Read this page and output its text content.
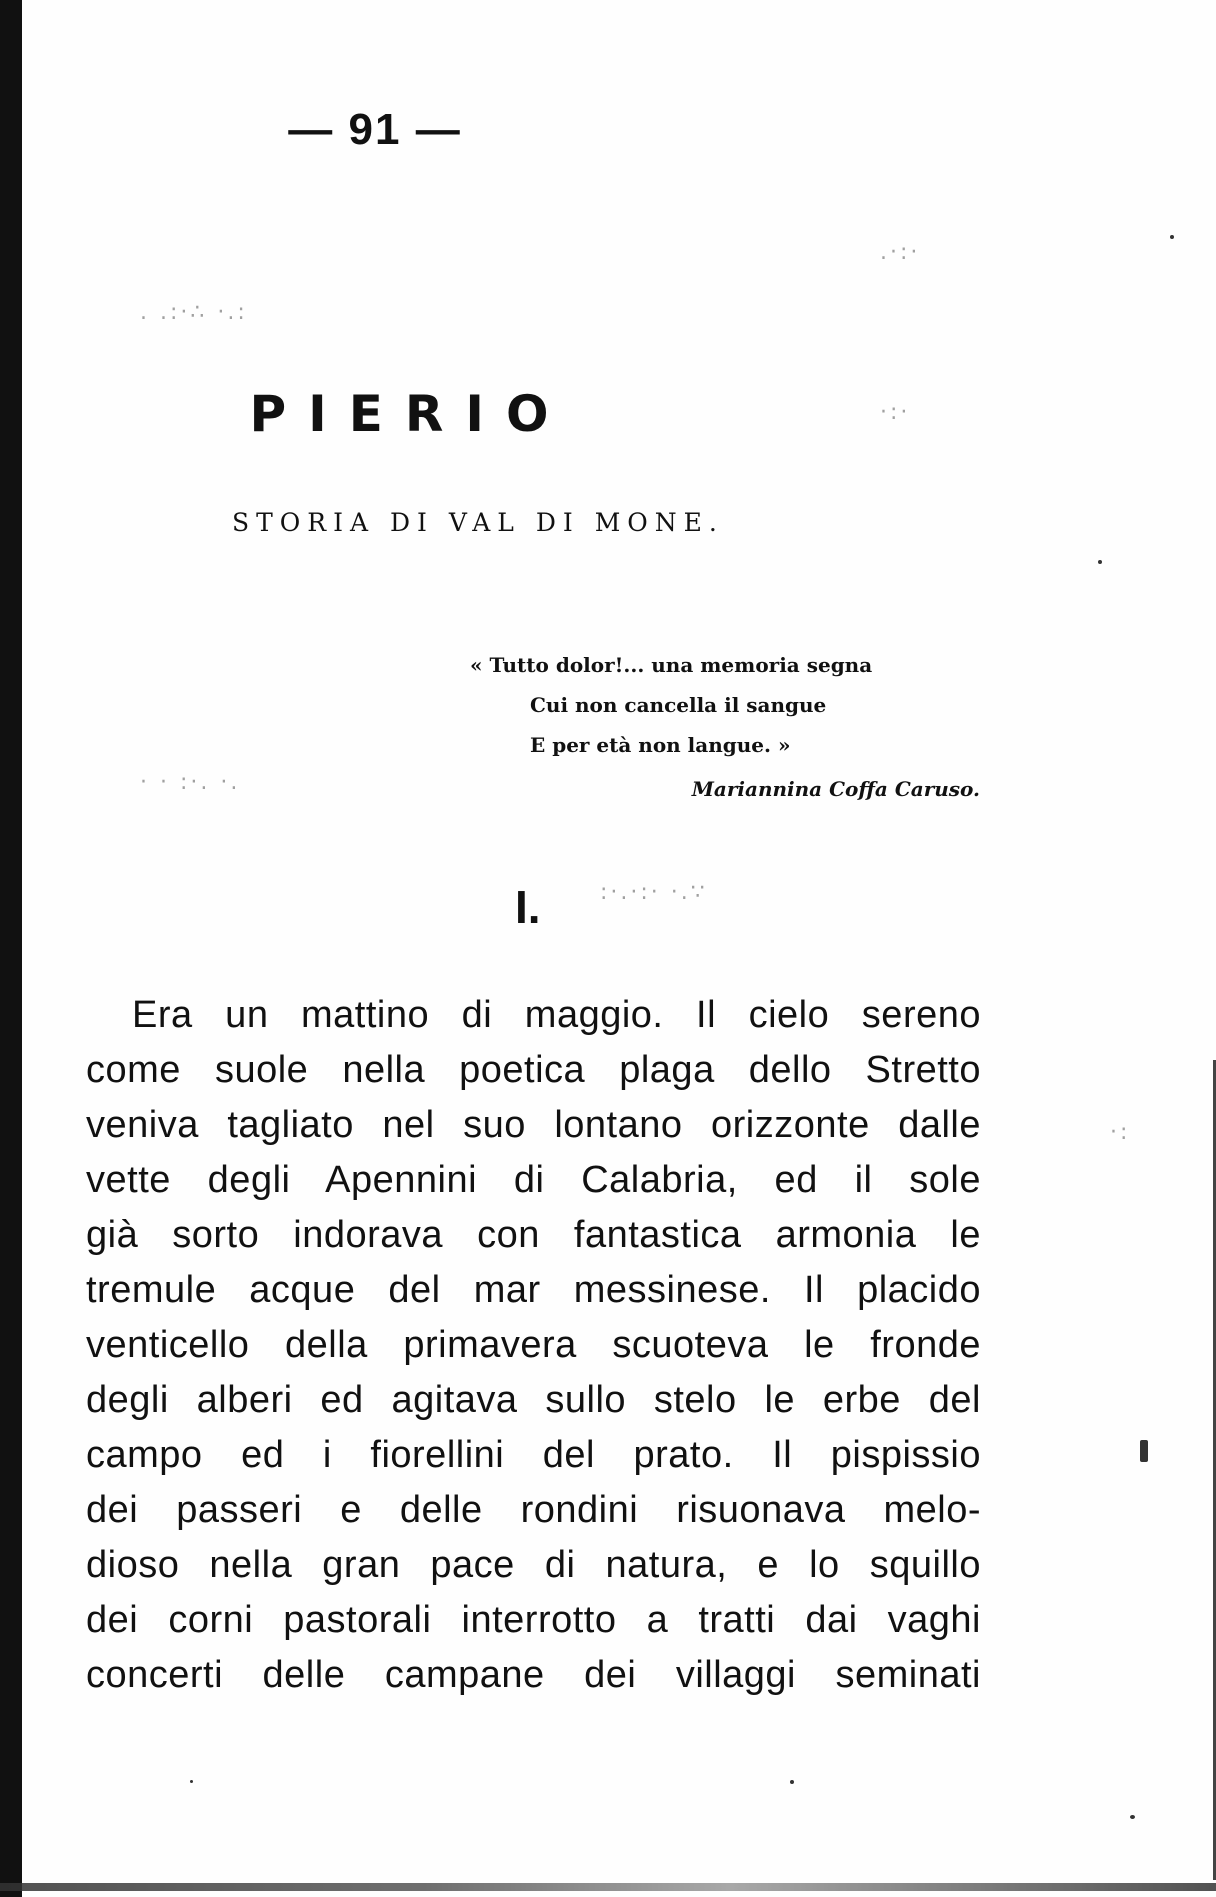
. .:·∴ ·.:
.·:·
·:·
· · :·. ·.
:·.·:· ·.∵
·:
— 91 —
PIERIO
STORIA DI VAL DI MONE.
« Tutto dolor!... una memoria segna
Cui non cancella il sangue
E per età non langue. »
Mariannina Coffa Caruso.
I.
Era un mattino di maggio. Il cielo sereno
come suole nella poetica plaga dello Stretto
veniva tagliato nel suo lontano orizzonte dalle
vette degli Apennini di Calabria, ed il sole
già sorto indorava con fantastica armonia le
tremule acque del mar messinese. Il placido
venticello della primavera scuoteva le fronde
degli alberi ed agitava sullo stelo le erbe del
campo ed i fiorellini del prato. Il pispissio
dei passeri e delle rondini risuonava melo-
dioso nella gran pace di natura, e lo squillo
dei corni pastorali interrotto a tratti dai vaghi
concerti delle campane dei villaggi seminati
